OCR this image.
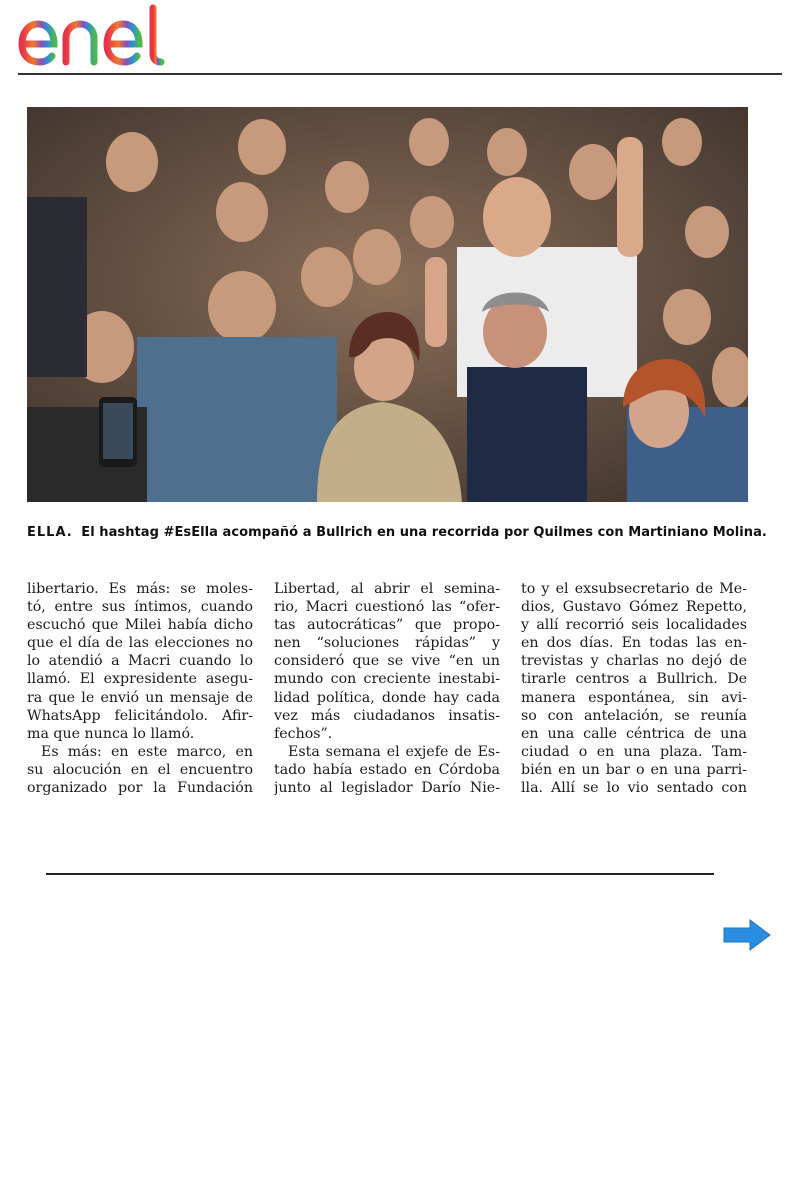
ELLA. El hashtag #EsElla acompañó a Bullrich en una recorrida por Quilmes con Martiniano Molina.
libertario. Es más: se moles-
tó, entre sus íntimos, cuando
escuchó que Milei había dicho
que el día de las elecciones no
lo atendió a Macri cuando lo
llamó. El expresidente asegu-
ra que le envió un mensaje de
WhatsApp felicitándolo. Afir-
ma que nunca lo llamó.
Es más: en este marco, en
su alocución en el encuentro
organizado por la Fundación
Libertad, al abrir el semina-
rio, Macri cuestionó las “ofer-
tas autocráticas” que propo-
nen “soluciones rápidas” y
consideró que se vive “en un
mundo con creciente inestabi-
lidad política, donde hay cada
vez más ciudadanos insatis-
fechos”.
Esta semana el exjefe de Es-
tado había estado en Córdoba
junto al legislador Darío Nie-
to y el exsubsecretario de Me-
dios, Gustavo Gómez Repetto,
y allí recorrió seis localidades
en dos días. En todas las en-
trevistas y charlas no dejó de
tirarle centros a Bullrich. De
manera espontánea, sin avi-
so con antelación, se reunía
en una calle céntrica de una
ciudad o en una plaza. Tam-
bién en un bar o en una parri-
lla. Allí se lo vio sentado con
